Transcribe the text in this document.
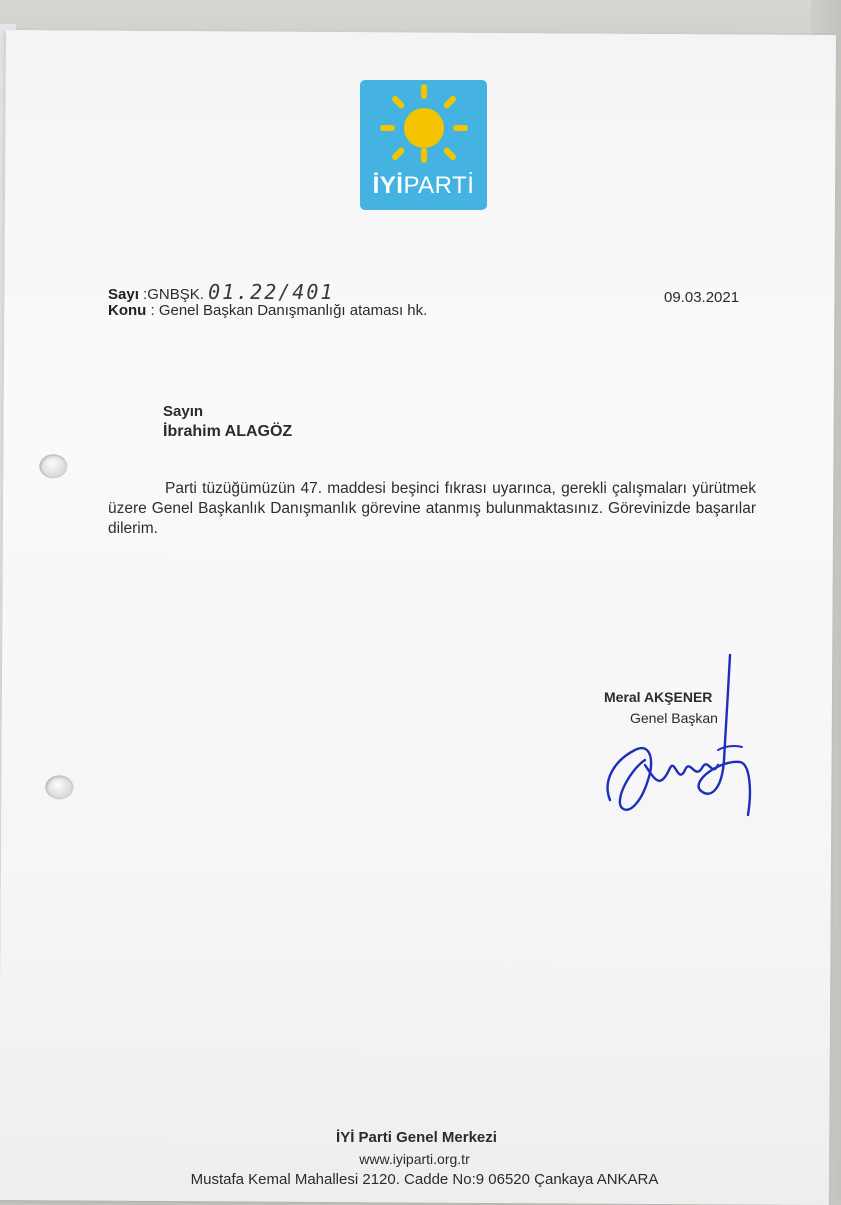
İYİPARTİ
Sayı :GNBŞK. 01.22/401
Konu : Genel Başkan Danışmanlığı ataması hk.
09.03.2021
Sayın
İbrahim ALAGÖZ
Parti tüzüğümüzün 47. maddesi beşinci fıkrası uyarınca, gerekli çalışmaları yürütmek üzere Genel Başkanlık Danışmanlık görevine atanmış bulunmaktasınız. Görevinizde başarılar dilerim.
Meral AKŞENER
Genel Başkan
İYİ Parti Genel Merkezi
www.iyiparti.org.tr
Mustafa Kemal Mahallesi 2120. Cadde No:9 06520 Çankaya ANKARA
